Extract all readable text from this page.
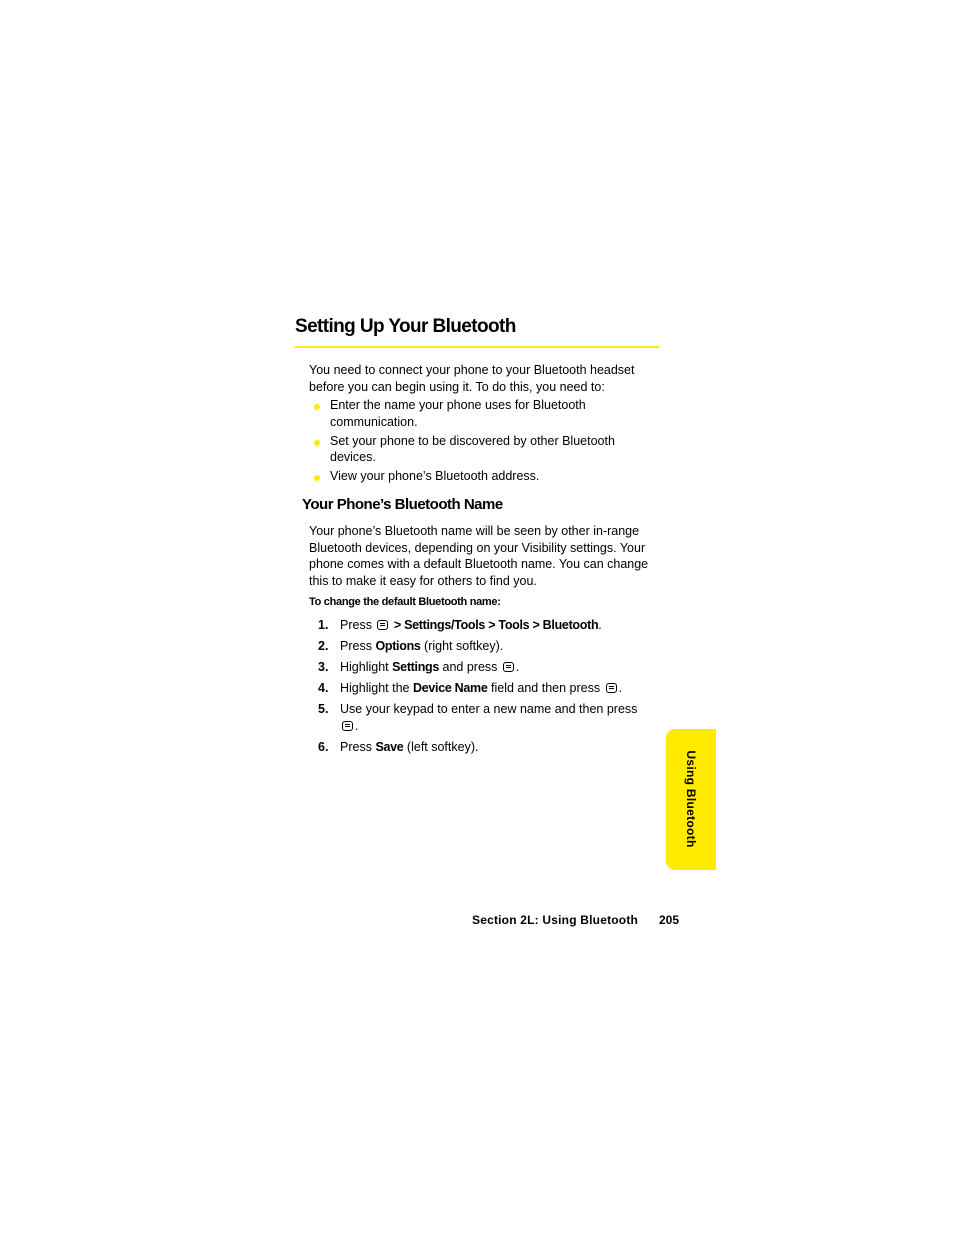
Setting Up Your Bluetooth

You need to connect your phone to your Bluetooth headset before you can begin using it. To do this, you need to:

Enter the name your phone uses for Bluetooth communication.
Set your phone to be discovered by other Bluetooth devices.
View your phone’s Bluetooth address.
Your Phone’s Bluetooth Name

Your phone’s Bluetooth name will be seen by other in-range Bluetooth devices, depending on your Visibility settings. Your phone comes with a default Bluetooth name. You can change this to make it easy for others to find you.

To change the default Bluetooth name:

1. Press > Settings/Tools > Tools > Bluetooth.
2. Press Options (right softkey).
3. Highlight Settings and press .
4. Highlight the Device Name field and then press .
5. Use your keypad to enter a new name and then press .
6. Press Save (left softkey).
Using Bluetooth
Section 2L: Using Bluetooth 205
